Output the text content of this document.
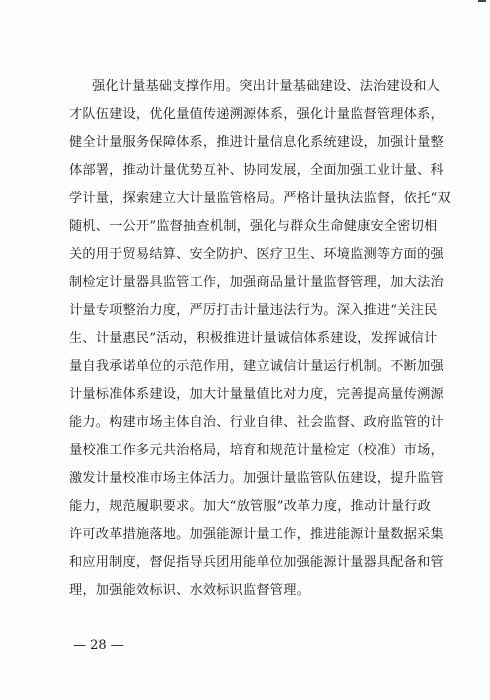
强化计量基础支撑作用。突出计量基础建设、法治建设和人
才队伍建设，优化量值传递溯源体系，强化计量监督管理体系，
健全计量服务保障体系，推进计量信息化系统建设，加强计量整
体部署，推动计量优势互补、协同发展，全面加强工业计量、科
学计量，探索建立大计量监管格局。严格计量执法监督，依托“双
随机、一公开”监督抽查机制，强化与群众生命健康安全密切相
关的用于贸易结算、安全防护、医疗卫生、环境监测等方面的强
制检定计量器具监管工作，加强商品量计量监督管理，加大法治
计量专项整治力度，严厉打击计量违法行为。深入推进“关注民
生、计量惠民”活动，积极推进计量诚信体系建设，发挥诚信计
量自我承诺单位的示范作用，建立诚信计量运行机制。不断加强
计量标准体系建设，加大计量量值比对力度，完善提高量传溯源
能力。构建市场主体自治、行业自律、社会监督、政府监管的计
量校准工作多元共治格局，培育和规范计量检定（校准）市场，
激发计量校准市场主体活力。加强计量监管队伍建设，提升监管
能力，规范履职要求。加大“放管服”改革力度，推动计量行政
许可改革措施落地。加强能源计量工作，推进能源计量数据采集
和应用制度，督促指导兵团用能单位加强能源计量器具配备和管
理，加强能效标识、水效标识监督管理。
— 28 —
